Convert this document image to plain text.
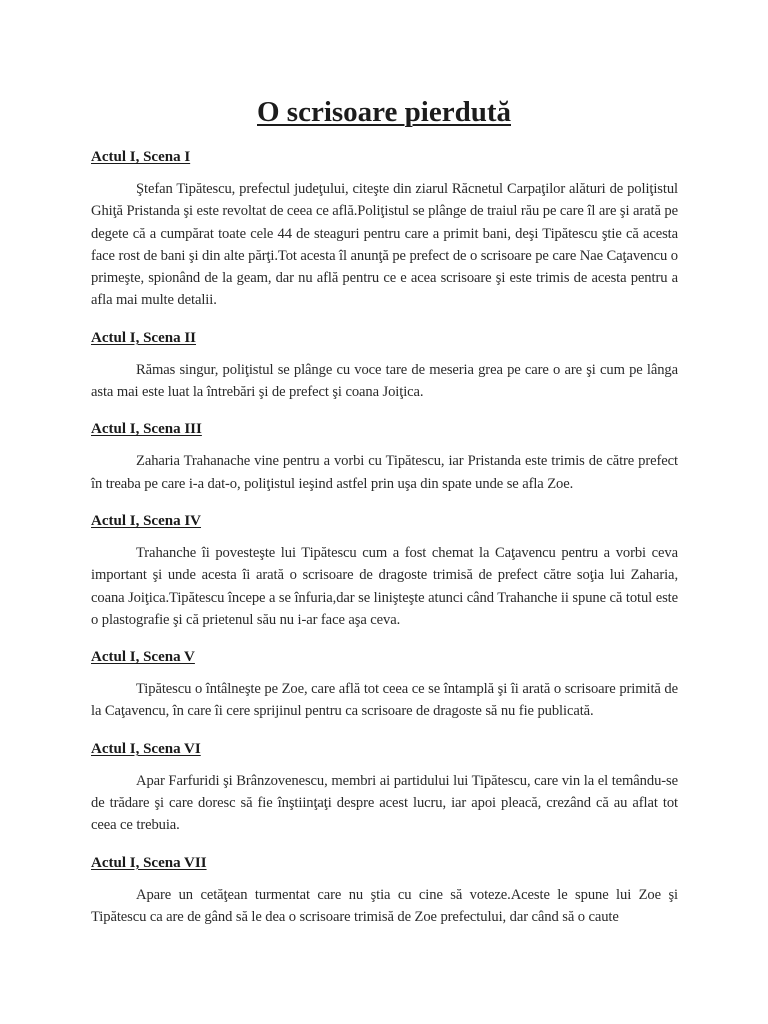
O scrisoare pierdută
Actul I, Scena I

Ştefan Tipătescu, prefectul judeţului, citeşte din ziarul Răcnetul Carpaţilor alături de poliţistul Ghiţă Pristanda şi este revoltat de ceea ce află.Poliţistul se plânge de traiul rău pe care îl are şi arată pe degete că a cumpărat toate cele 44 de steaguri pentru care a primit bani, deşi Tipătescu ştie că acesta face rost de bani şi din alte părţi.Tot acesta îl anunţă pe prefect de o scrisoare pe care Nae Caţavencu o primeşte, spionând de la geam, dar nu află pentru ce e acea scrisoare şi este trimis de acesta pentru a afla mai multe detalii.

Actul I, Scena II

Rămas singur, poliţistul se plânge cu voce tare de meseria grea pe care o are şi cum pe lânga asta mai este luat la întrebări şi de prefect şi coana Joiţica.

Actul I, Scena III

Zaharia Trahanache vine pentru a vorbi cu Tipătescu, iar Pristanda este trimis de către prefect în treaba pe care i-a dat-o, poliţistul ieşind astfel prin uşa din spate unde se afla Zoe.

Actul I, Scena IV

Trahanche îi povesteşte lui Tipătescu cum a fost chemat la Caţavencu pentru a vorbi ceva important şi unde acesta îi arată o scrisoare de dragoste trimisă de prefect către soţia lui Zaharia, coana Joiţica.Tipătescu începe a se înfuria,dar se linişteşte atunci când Trahanche ii spune că totul este o plastografie şi că prietenul său nu i-ar face aşa ceva.

Actul I, Scena V

Tipătescu o întâlneşte pe Zoe, care află tot ceea ce se întamplă şi îi arată o scrisoare primită de la Caţavencu, în care îi cere sprijinul pentru ca scrisoare de dragoste să nu fie publicată.

Actul I, Scena VI

Apar Farfuridi şi Brânzovenescu, membri ai partidului lui Tipătescu, care vin la el temându-se de trădare şi care doresc să fie înştiinţaţi despre acest lucru, iar apoi pleacă, crezând că au aflat tot ceea ce trebuia.

Actul I, Scena VII

Apare un cetăţean turmentat care nu ştia cu cine să voteze.Aceste le spune lui Zoe şi Tipătescu ca are de gând să le dea o scrisoare trimisă de Zoe prefectului, dar când să o caute
